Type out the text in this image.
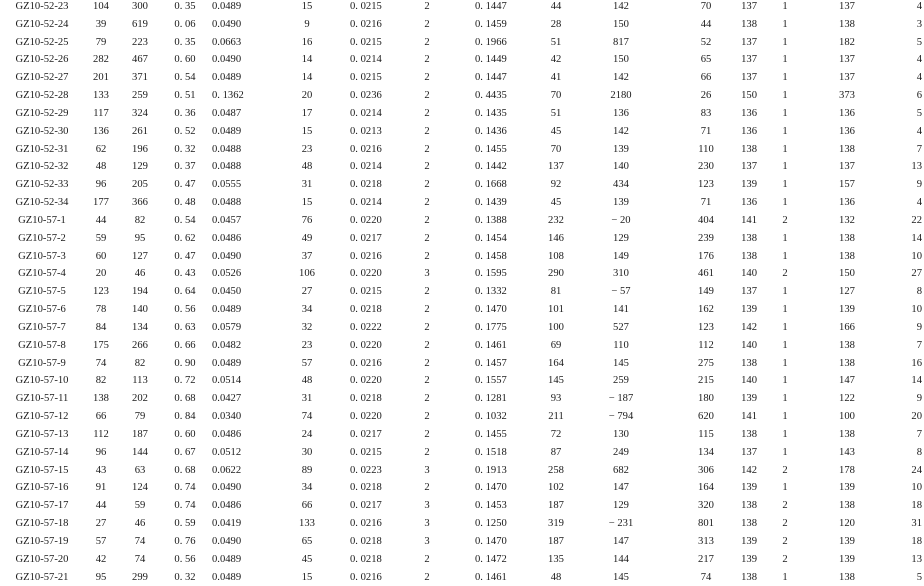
GZ10-52-23	104	300	0. 35	0.0489	15	0. 0215	2	0. 1447	44	142	70	137	1	137	4
GZ10-52-24	39	619	0. 06	0.0490	9	0. 0216	2	0. 1459	28	150	44	138	1	138	3
GZ10-52-25	79	223	0. 35	0.0663	16	0. 0215	2	0. 1966	51	817	52	137	1	182	5
GZ10-52-26	282	467	0. 60	0.0490	14	0. 0214	2	0. 1449	42	150	65	137	1	137	4
GZ10-52-27	201	371	0. 54	0.0489	14	0. 0215	2	0. 1447	41	142	66	137	1	137	4
GZ10-52-28	133	259	0. 51	0. 1362	20	0. 0236	2	0. 4435	70	2180	26	150	1	373	6
GZ10-52-29	117	324	0. 36	0.0487	17	0. 0214	2	0. 1435	51	136	83	136	1	136	5
GZ10-52-30	136	261	0. 52	0.0489	15	0. 0213	2	0. 1436	45	142	71	136	1	136	4
GZ10-52-31	62	196	0. 32	0.0488	23	0. 0216	2	0. 1455	70	139	110	138	1	138	7
GZ10-52-32	48	129	0. 37	0.0488	48	0. 0214	2	0. 1442	137	140	230	137	1	137	13
GZ10-52-33	96	205	0. 47	0.0555	31	0. 0218	2	0. 1668	92	434	123	139	1	157	9
GZ10-52-34	177	366	0. 48	0.0488	15	0. 0214	2	0. 1439	45	139	71	136	1	136	4
GZ10-57-1	44	82	0. 54	0.0457	76	0. 0220	2	0. 1388	232	− 20	404	141	2	132	22
GZ10-57-2	59	95	0. 62	0.0486	49	0. 0217	2	0. 1454	146	129	239	138	1	138	14
GZ10-57-3	60	127	0. 47	0.0490	37	0. 0216	2	0. 1458	108	149	176	138	1	138	10
GZ10-57-4	20	46	0. 43	0.0526	106	0. 0220	3	0. 1595	290	310	461	140	2	150	27
GZ10-57-5	123	194	0. 64	0.0450	27	0. 0215	2	0. 1332	81	− 57	149	137	1	127	8
GZ10-57-6	78	140	0. 56	0.0489	34	0. 0218	2	0. 1470	101	141	162	139	1	139	10
GZ10-57-7	84	134	0. 63	0.0579	32	0. 0222	2	0. 1775	100	527	123	142	1	166	9
GZ10-57-8	175	266	0. 66	0.0482	23	0. 0220	2	0. 1461	69	110	112	140	1	138	7
GZ10-57-9	74	82	0. 90	0.0489	57	0. 0216	2	0. 1457	164	145	275	138	1	138	16
GZ10-57-10	82	113	0. 72	0.0514	48	0. 0220	2	0. 1557	145	259	215	140	1	147	14
GZ10-57-11	138	202	0. 68	0.0427	31	0. 0218	2	0. 1281	93	− 187	180	139	1	122	9
GZ10-57-12	66	79	0. 84	0.0340	74	0. 0220	2	0. 1032	211	− 794	620	141	1	100	20
GZ10-57-13	112	187	0. 60	0.0486	24	0. 0217	2	0. 1455	72	130	115	138	1	138	7
GZ10-57-14	96	144	0. 67	0.0512	30	0. 0215	2	0. 1518	87	249	134	137	1	143	8
GZ10-57-15	43	63	0. 68	0.0622	89	0. 0223	3	0. 1913	258	682	306	142	2	178	24
GZ10-57-16	91	124	0. 74	0.0490	34	0. 0218	2	0. 1470	102	147	164	139	1	139	10
GZ10-57-17	44	59	0. 74	0.0486	66	0. 0217	3	0. 1453	187	129	320	138	2	138	18
GZ10-57-18	27	46	0. 59	0.0419	133	0. 0216	3	0. 1250	319	− 231	801	138	2	120	31
GZ10-57-19	57	74	0. 76	0.0490	65	0. 0218	3	0. 1470	187	147	313	139	2	139	18
GZ10-57-20	42	74	0. 56	0.0489	45	0. 0218	2	0. 1472	135	144	217	139	2	139	13
GZ10-57-21	95	299	0. 32	0.0489	15	0. 0216	2	0. 1461	48	145	74	138	1	138	5
